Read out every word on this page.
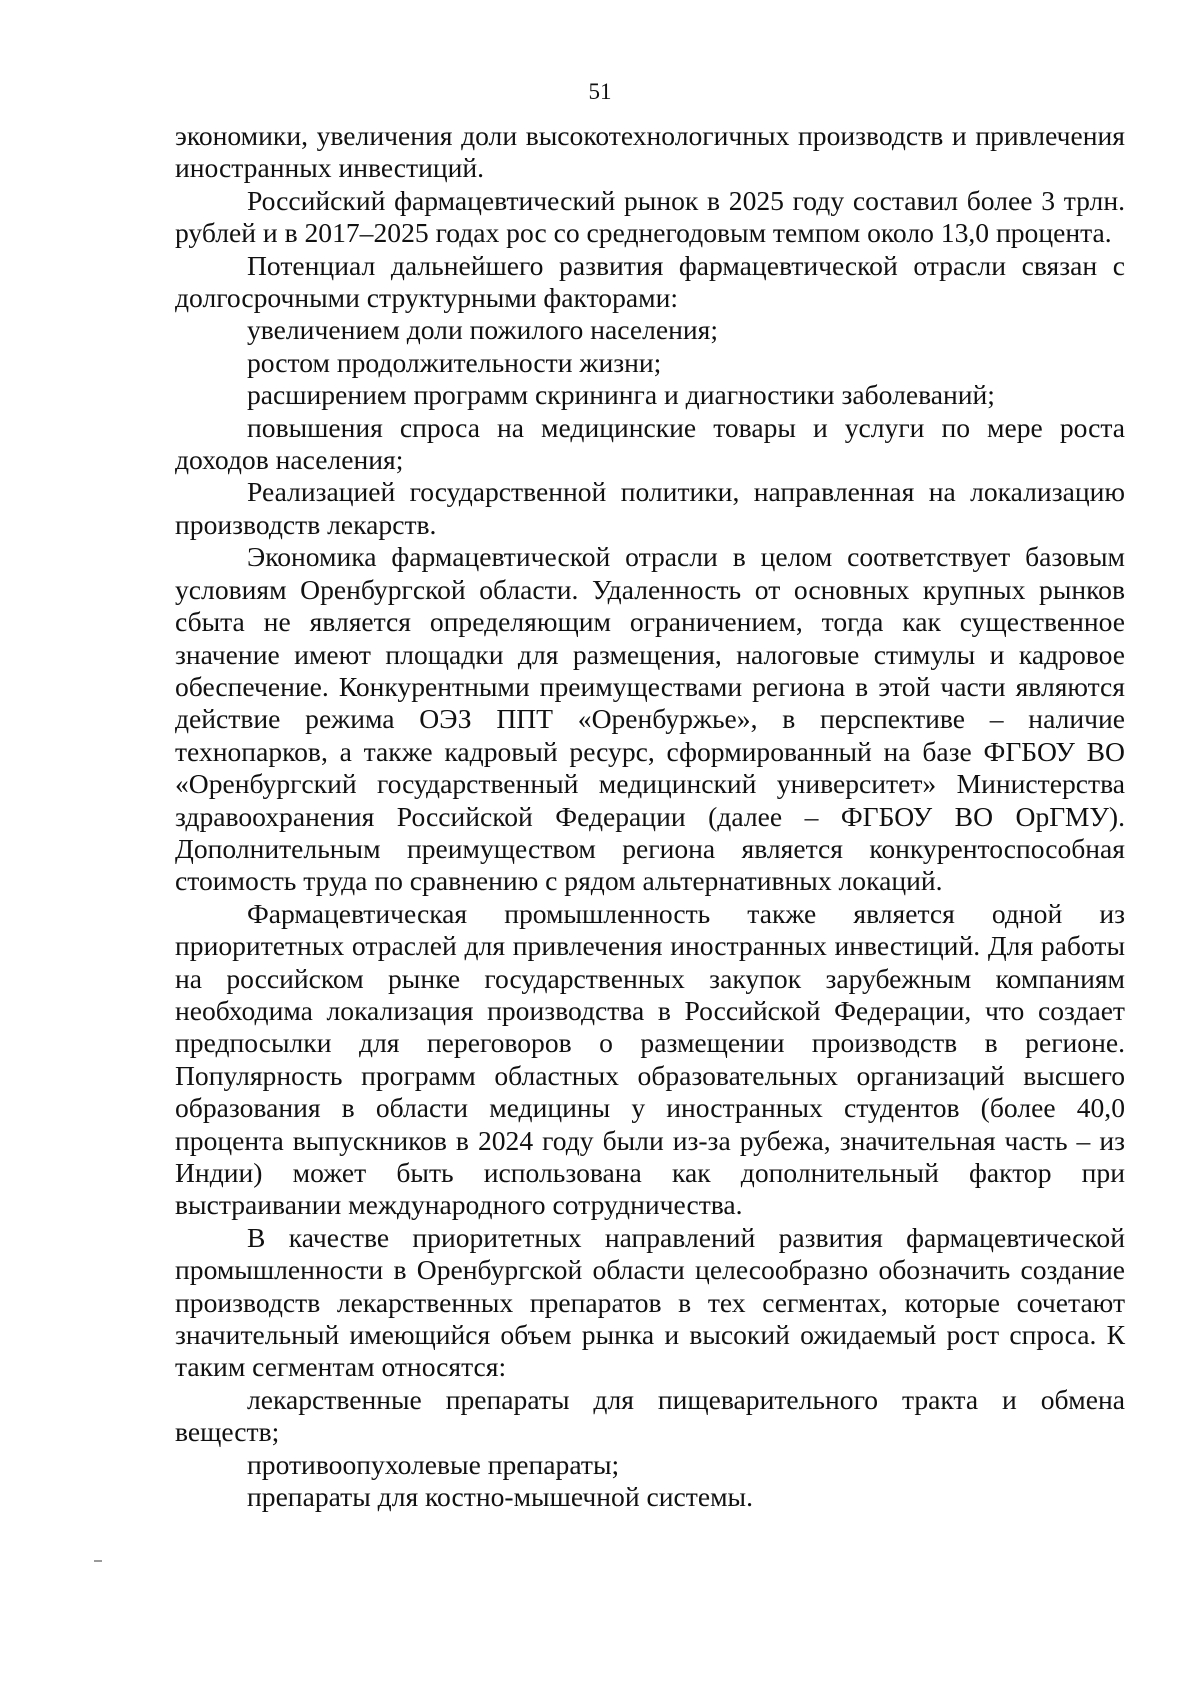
51

экономики, увеличения доли высокотехнологичных производств и привлечения иностранных инвестиций.

Российский фармацевтический рынок в 2025 году составил более 3 трлн. рублей и в 2017–2025 годах рос со среднегодовым темпом около 13,0 процента.

Потенциал дальнейшего развития фармацевтической отрасли связан с долгосрочными структурными факторами:

увеличением доли пожилого населения;

ростом продолжительности жизни;

расширением программ скрининга и диагностики заболеваний;

повышения спроса на медицинские товары и услуги по мере роста доходов населения;

Реализацией государственной политики, направленная на локализацию производств лекарств.

Экономика фармацевтической отрасли в целом соответствует базовым условиям Оренбургской области. Удаленность от основных крупных рынков сбыта не является определяющим ограничением, тогда как существенное значение имеют площадки для размещения, налоговые стимулы и кадровое обеспечение. Конкурентными преимуществами региона в этой части являются действие режима ОЭЗ ППТ «Оренбуржье», в перспективе – наличие технопарков, а также кадровый ресурс, сформированный на базе ФГБОУ ВО «Оренбургский государственный медицинский университет» Министерства здравоохранения Российской Федерации (далее – ФГБОУ ВО ОрГМУ). Дополнительным преимуществом региона является конкурентоспособная стоимость труда по сравнению с рядом альтернативных локаций.

Фармацевтическая промышленность также является одной из приоритетных отраслей для привлечения иностранных инвестиций. Для работы на российском рынке государственных закупок зарубежным компаниям необходима локализация производства в Российской Федерации, что создает предпосылки для переговоров о размещении производств в регионе. Популярность программ областных образовательных организаций высшего образования в области медицины у иностранных студентов (более 40,0 процента выпускников в 2024 году были из-за рубежа, значительная часть – из Индии) может быть использована как дополнительный фактор при выстраивании международного сотрудничества.

В качестве приоритетных направлений развития фармацевтической промышленности в Оренбургской области целесообразно обозначить создание производств лекарственных препаратов в тех сегментах, которые сочетают значительный имеющийся объем рынка и высокий ожидаемый рост спроса. К таким сегментам относятся:

лекарственные препараты для пищеварительного тракта и обмена веществ;

противоопухолевые препараты;

препараты для костно-мышечной системы.
